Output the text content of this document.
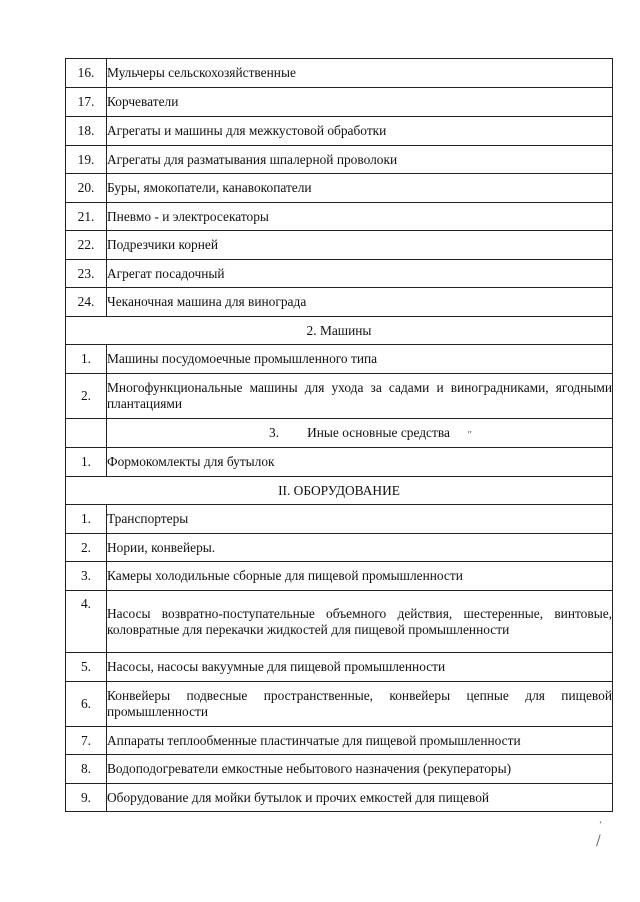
16.	Мульчеры сельскохозяйственные
17.	Корчеватели
18.	Агрегаты и машины для межкустовой обработки
19.	Агрегаты для разматывания шпалерной проволоки
20.	Буры, ямокопатели, канавокопатели
21.	Пневмо - и электросекаторы
22.	Подрезчики корней
23.	Агрегат посадочный
24.	Чеканочная машина для винограда
2. Машины	
1.	Машины посудомоечные промышленного типа
2.	Многофункциональные машины для ухода за садами и виноградниками, ягодными плантациями
	3. Иные основные средства
1.	Формокомлекты для бутылок
II. ОБОРУДОВАНИЕ	
1.	Транспортеры
2.	Нории, конвейеры.
3.	Камеры холодильные сборные для пищевой промышленности
4.	Насосы возвратно-поступательные объемного действия, шестеренные, винтовые, коловратные для перекачки жидкостей для пищевой промышленности
5.	Насосы, насосы вакуумные для пищевой промышленности
6.	Конвейеры подвесные пространственные, конвейеры цепные для пищевой промышленности
7.	Аппараты теплообменные пластинчатые для пищевой промышленности
8.	Водоподогреватели емкостные небытового назначения (рекуператоры)
9.	Оборудование для мойки бутылок и прочих емкостей для пищевой
”
/
‘
